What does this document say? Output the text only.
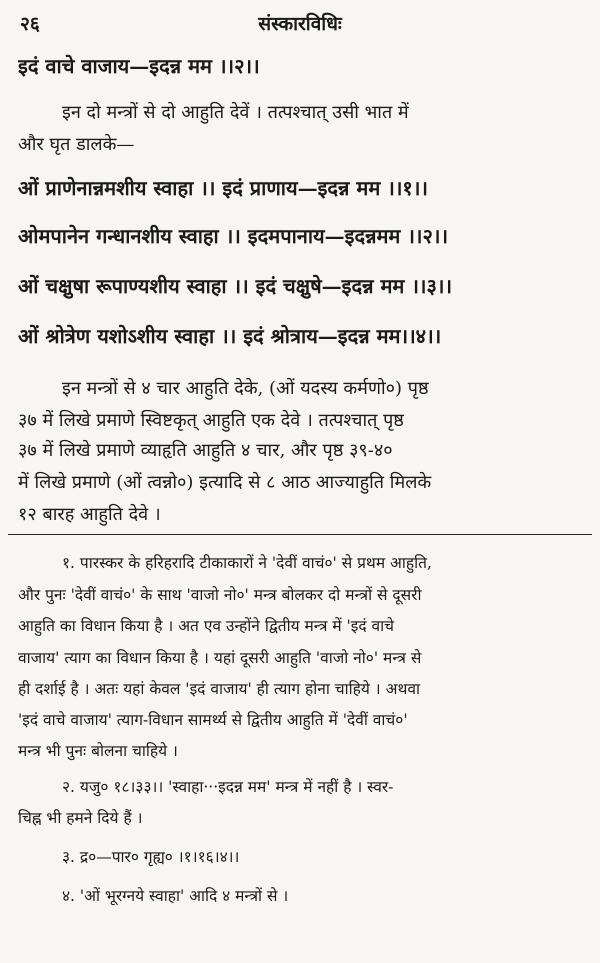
२६	संस्कारविधिः
इदं वाचे वाजाय—इदन्न मम ।।२।।
इन दो मन्त्रों से दो आहुति देवें । तत्पश्चात् उसी भात में
और घृत डालके—
ओं प्राणेनान्नमशीय स्वाहा ।। इदं प्राणाय—इदन्न मम ।।१।।
ओमपानेन गन्धानशीय स्वाहा ।। इदमपानाय—इदन्नमम ।।२।।
ओं चक्षुषा रूपाण्यशीय स्वाहा ।। इदं चक्षुषे—इदन्न मम ।।३।।
ओं श्रोत्रेण यशोऽशीय स्वाहा ।। इदं श्रोत्राय—इदन्न मम।।४।।
इन मन्त्रों से ४ चार आहुति देके, (ओं यदस्य कर्मणो०) पृष्ठ
३७ में लिखे प्रमाणे स्विष्टकृत् आहुति एक देवे । तत्पश्चात् पृष्ठ
३७ में लिखे प्रमाणे व्याहृति आहुति ४ चार, और पृष्ठ ३९-४०
में लिखे प्रमाणे (ओं त्वन्नो०) इत्यादि से ८ आठ आज्याहुति मिलके
१२ बारह आहुति देवे ।
१. पारस्कर के हरिहरादि टीकाकारों ने 'देवीं वाचं०' से प्रथम आहुति,
और पुनः 'देवीं वाचं०' के साथ 'वाजो नो०' मन्त्र बोलकर दो मन्त्रों से दूसरी
आहुति का विधान किया है । अत एव उन्होंने द्वितीय मन्त्र में 'इदं वाचे
वाजाय' त्याग का विधान किया है । यहां दूसरी आहुति 'वाजो नो०' मन्त्र से
ही दर्शाई है । अतः यहां केवल 'इदं वाजाय' ही त्याग होना चाहिये । अथवा
'इदं वाचे वाजाय' त्याग-विधान सामर्थ्य से द्वितीय आहुति में 'देवीं वाचं०'
मन्त्र भी पुनः बोलना चाहिये ।
२. यजु० १८।३३।। 'स्वाहा···इदन्न मम' मन्त्र में नहीं है । स्वर-
चिह्न भी हमने दिये हैं ।
३. द्र०—पार० गृह्य० ।१।१६।४।।
४. 'ओं भूरग्नये स्वाहा' आदि ४ मन्त्रों से ।
